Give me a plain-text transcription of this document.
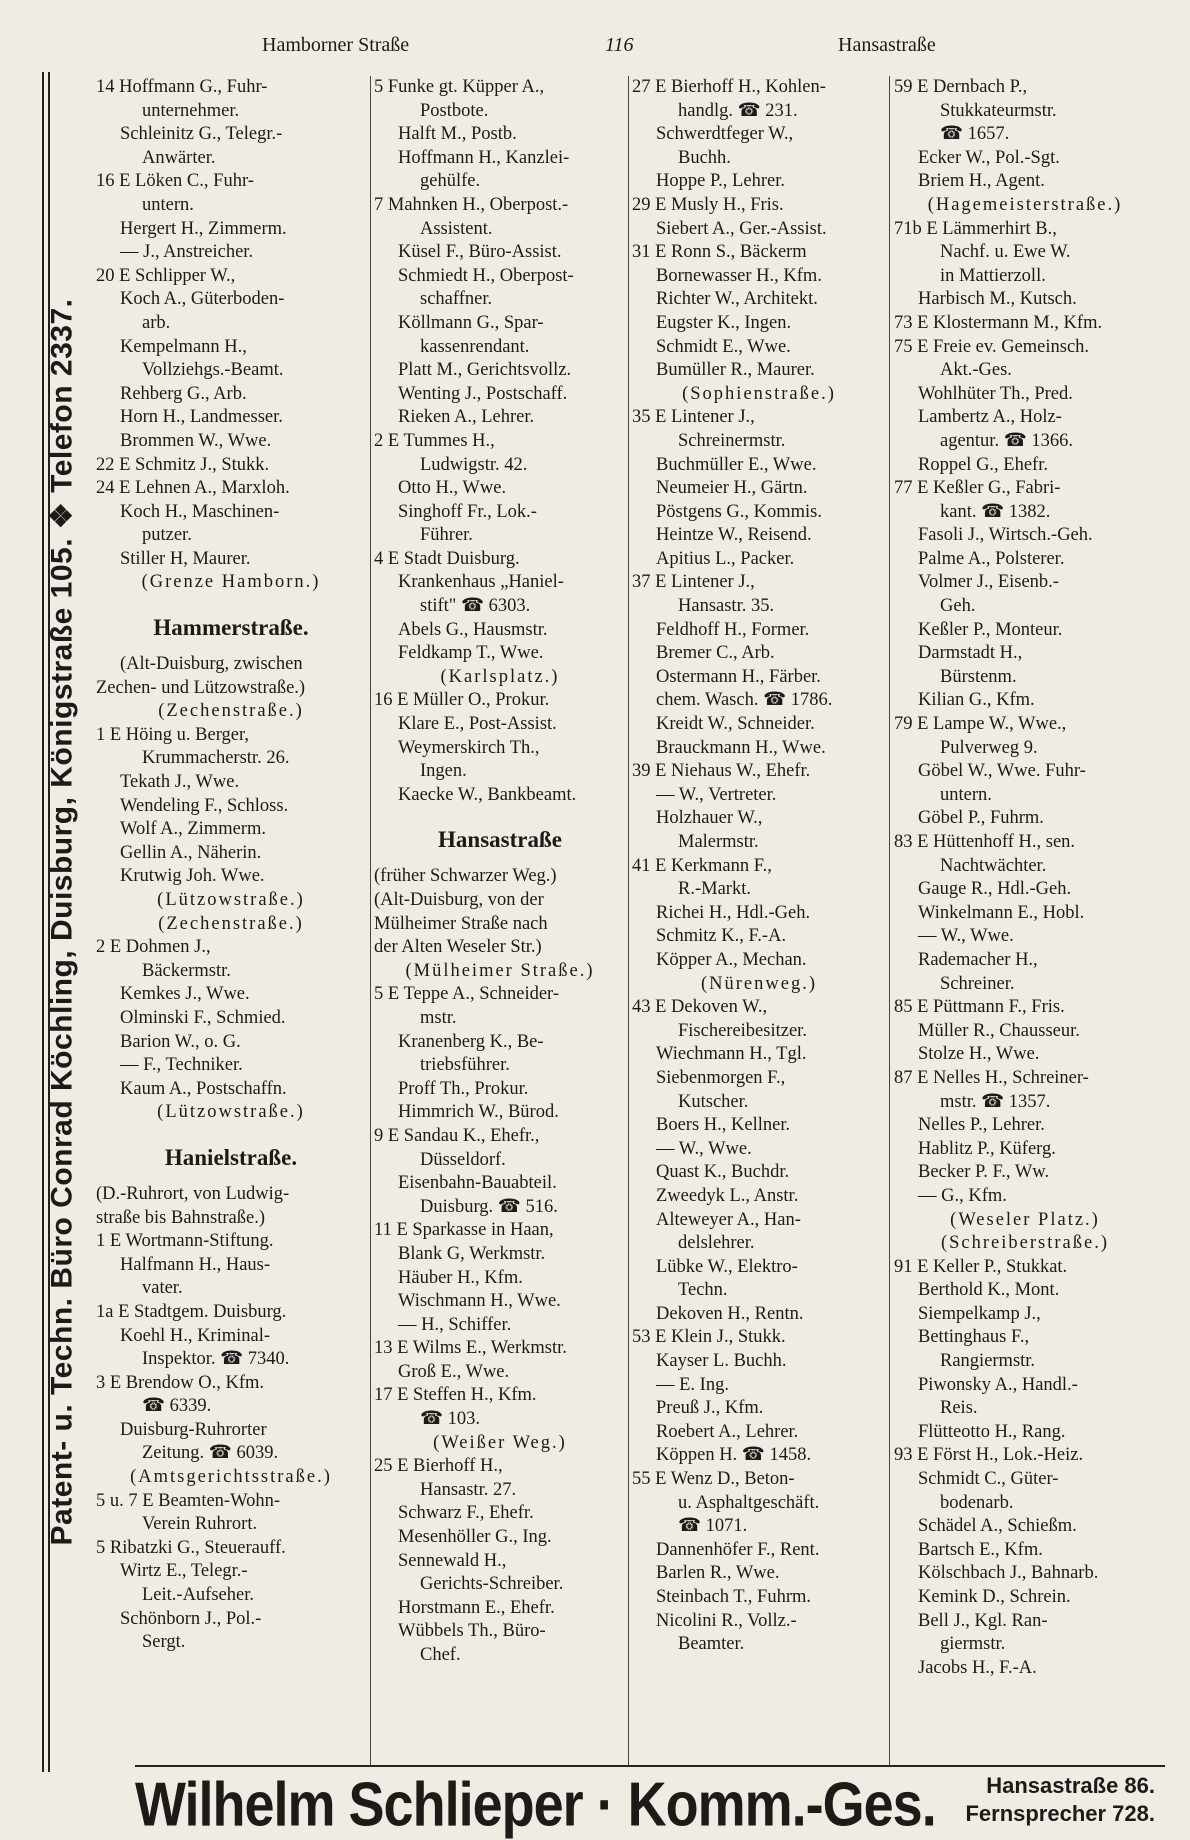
Hamborner Straße	116	Hansastraße
Patent- u. Techn. Büro Conrad Köchling, Duisburg, Königstraße 105. ❖ Telefon 2337.
14 Hoffmann G., Fuhr-
unternehmer.
Schleinitz G., Telegr.-
Anwärter.
16 E Löken C., Fuhr-
untern.
Hergert H., Zimmerm.
— J., Anstreicher.
20 E Schlipper W.,
Koch A., Güterboden-
arb.
Kempelmann H.,
Vollziehgs.-Beamt.
Rehberg G., Arb.
Horn H., Landmesser.
Brommen W., Wwe.
22 E Schmitz J., Stukk.
24 E Lehnen A., Marxloh.
Koch H., Maschinen-
putzer.
Stiller H, Maurer.
(Grenze Hamborn.)
Hammerstraße.
(Alt-Duisburg, zwischen
Zechen- und Lützowstraße.)
(Zechenstraße.)
1 E Höing u. Berger,
Krummacherstr. 26.
Tekath J., Wwe.
Wendeling F., Schloss.
Wolf A., Zimmerm.
Gellin A., Näherin.
Krutwig Joh. Wwe.
(Lützowstraße.)
(Zechenstraße.)
2 E Dohmen J.,
Bäckermstr.
Kemkes J., Wwe.
Olminski F., Schmied.
Barion W., o. G.
— F., Techniker.
Kaum A., Postschaffn.
(Lützowstraße.)
Hanielstraße.
(D.-Ruhrort, von Ludwig-
straße bis Bahnstraße.)
1 E Wortmann-Stiftung.
Halfmann H., Haus-
vater.
1a E Stadtgem. Duisburg.
Koehl H., Kriminal-
Inspektor. ☎ 7340.
3 E Brendow O., Kfm.
☎ 6339.
Duisburg-Ruhrorter
Zeitung. ☎ 6039.
(Amtsgerichtsstraße.)
5 u. 7 E Beamten-Wohn-
Verein Ruhrort.
5 Ribatzki G., Steuerauff.
Wirtz E., Telegr.-
Leit.-Aufseher.
Schönborn J., Pol.-
Sergt.
5 Funke gt. Küpper A.,
Postbote.
Halft M., Postb.
Hoffmann H., Kanzlei-
gehülfe.
7 Mahnken H., Oberpost.-
Assistent.
Küsel F., Büro-Assist.
Schmiedt H., Oberpost-
schaffner.
Köllmann G., Spar-
kassenrendant.
Platt M., Gerichtsvollz.
Wenting J., Postschaff.
Rieken A., Lehrer.
2 E Tummes H.,
Ludwigstr. 42.
Otto H., Wwe.
Singhoff Fr., Lok.-
Führer.
4 E Stadt Duisburg.
Krankenhaus „Haniel-
stift" ☎ 6303.
Abels G., Hausmstr.
Feldkamp T., Wwe.
(Karlsplatz.)
16 E Müller O., Prokur.
Klare E., Post-Assist.
Weymerskirch Th.,
Ingen.
Kaecke W., Bankbeamt.
Hansastraße
(früher Schwarzer Weg.)
(Alt-Duisburg, von der
Mülheimer Straße nach
der Alten Weseler Str.)
(Mülheimer Straße.)
5 E Teppe A., Schneider-
mstr.
Kranenberg K., Be-
triebsführer.
Proff Th., Prokur.
Himmrich W., Bürod.
9 E Sandau K., Ehefr.,
Düsseldorf.
Eisenbahn-Bauabteil.
Duisburg. ☎ 516.
11 E Sparkasse in Haan,
Blank G, Werkmstr.
Häuber H., Kfm.
Wischmann H., Wwe.
— H., Schiffer.
13 E Wilms E., Werkmstr.
Groß E., Wwe.
17 E Steffen H., Kfm.
☎ 103.
(Weißer Weg.)
25 E Bierhoff H.,
Hansastr. 27.
Schwarz F., Ehefr.
Mesenhöller G., Ing.
Sennewald H.,
Gerichts-Schreiber.
Horstmann E., Ehefr.
Wübbels Th., Büro-
Chef.
27 E Bierhoff H., Kohlen-
handlg. ☎ 231.
Schwerdtfeger W.,
Buchh.
Hoppe P., Lehrer.
29 E Musly H., Fris.
Siebert A., Ger.-Assist.
31 E Ronn S., Bäckerm
Bornewasser H., Kfm.
Richter W., Architekt.
Eugster K., Ingen.
Schmidt E., Wwe.
Bumüller R., Maurer.
(Sophienstraße.)
35 E Lintener J.,
Schreinermstr.
Buchmüller E., Wwe.
Neumeier H., Gärtn.
Pöstgens G., Kommis.
Heintze W., Reisend.
Apitius L., Packer.
37 E Lintener J.,
Hansastr. 35.
Feldhoff H., Former.
Bremer C., Arb.
Ostermann H., Färber.
chem. Wasch. ☎ 1786.
Kreidt W., Schneider.
Brauckmann H., Wwe.
39 E Niehaus W., Ehefr.
— W., Vertreter.
Holzhauer W.,
Malermstr.
41 E Kerkmann F.,
R.-Markt.
Richei H., Hdl.-Geh.
Schmitz K., F.-A.
Köpper A., Mechan.
(Nürenweg.)
43 E Dekoven W.,
Fischereibesitzer.
Wiechmann H., Tgl.
Siebenmorgen F.,
Kutscher.
Boers H., Kellner.
— W., Wwe.
Quast K., Buchdr.
Zweedyk L., Anstr.
Alteweyer A., Han-
delslehrer.
Lübke W., Elektro-
Techn.
Dekoven H., Rentn.
53 E Klein J., Stukk.
Kayser L. Buchh.
— E. Ing.
Preuß J., Kfm.
Roebert A., Lehrer.
Köppen H. ☎ 1458.
55 E Wenz D., Beton-
u. Asphaltgeschäft.
☎ 1071.
Dannenhöfer F., Rent.
Barlen R., Wwe.
Steinbach T., Fuhrm.
Nicolini R., Vollz.-
Beamter.
59 E Dernbach P.,
Stukkateurmstr.
☎ 1657.
Ecker W., Pol.-Sgt.
Briem H., Agent.
(Hagemeisterstraße.)
71b E Lämmerhirt B.,
Nachf. u. Ewe W.
in Mattierzoll.
Harbisch M., Kutsch.
73 E Klostermann M., Kfm.
75 E Freie ev. Gemeinsch.
Akt.-Ges.
Wohlhüter Th., Pred.
Lambertz A., Holz-
agentur. ☎ 1366.
Roppel G., Ehefr.
77 E Keßler G., Fabri-
kant. ☎ 1382.
Fasoli J., Wirtsch.-Geh.
Palme A., Polsterer.
Volmer J., Eisenb.-
Geh.
Keßler P., Monteur.
Darmstadt H.,
Bürstenm.
Kilian G., Kfm.
79 E Lampe W., Wwe.,
Pulverweg 9.
Göbel W., Wwe. Fuhr-
untern.
Göbel P., Fuhrm.
83 E Hüttenhoff H., sen.
Nachtwächter.
Gauge R., Hdl.-Geh.
Winkelmann E., Hobl.
— W., Wwe.
Rademacher H.,
Schreiner.
85 E Püttmann F., Fris.
Müller R., Chausseur.
Stolze H., Wwe.
87 E Nelles H., Schreiner-
mstr. ☎ 1357.
Nelles P., Lehrer.
Hablitz P., Küferg.
Becker P. F., Ww.
— G., Kfm.
(Weseler Platz.)
(Schreiberstraße.)
91 E Keller P., Stukkat.
Berthold K., Mont.
Siempelkamp J.,
Bettinghaus F.,
Rangiermstr.
Piwonsky A., Handl.-
Reis.
Flütteotto H., Rang.
93 E Först H., Lok.-Heiz.
Schmidt C., Güter-
bodenarb.
Schädel A., Schießm.
Bartsch E., Kfm.
Kölschbach J., Bahnarb.
Kemink D., Schrein.
Bell J., Kgl. Ran-
giermstr.
Jacobs H., F.-A.
Wilhelm Schlieper · Komm.-Ges. Hansastraße 86.
Fernsprecher 728.
